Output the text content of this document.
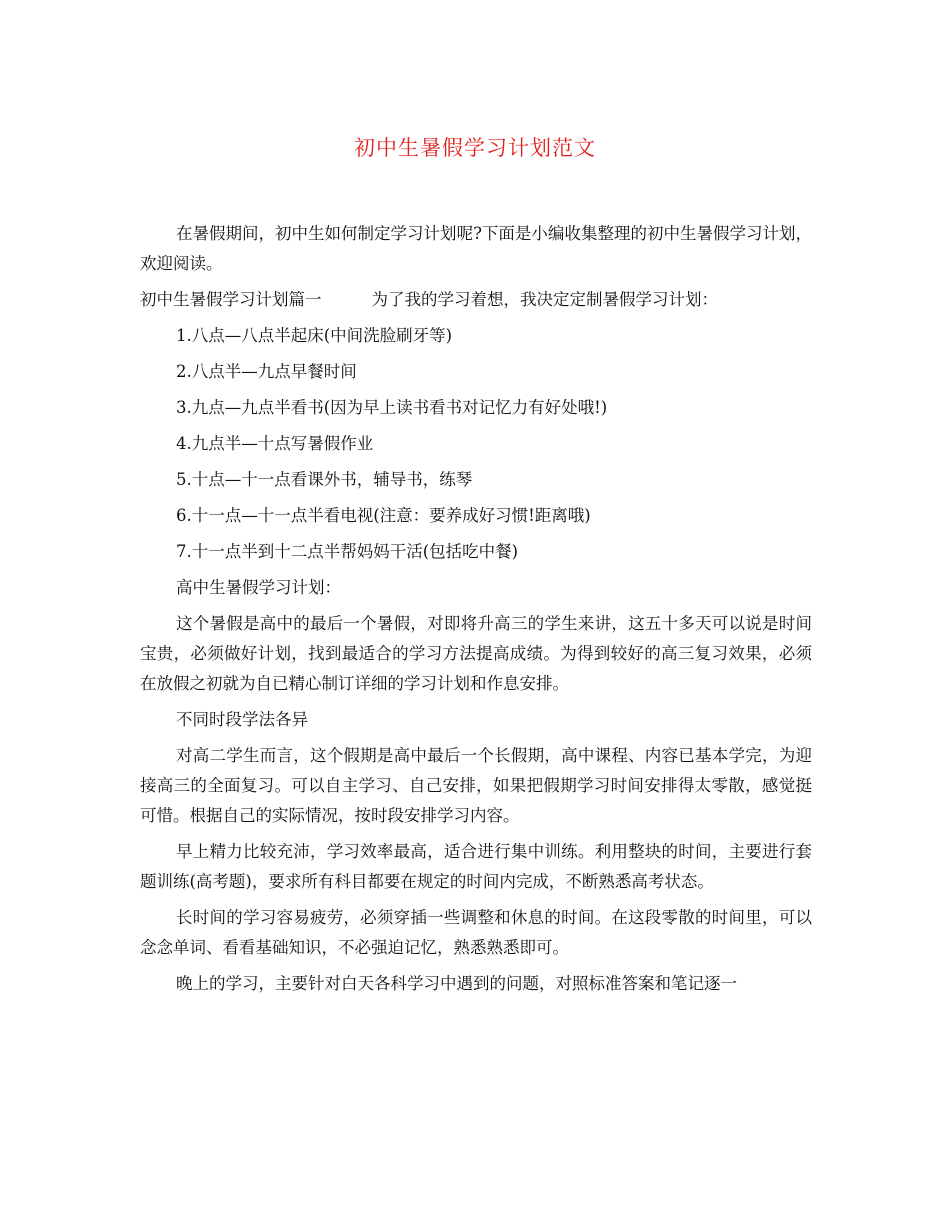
初中生暑假学习计划范文

在暑假期间，初中生如何制定学习计划呢?下面是小编收集整理的初中生暑假学习计划，欢迎阅读。

初中生暑假学习计划篇一	为了我的学习着想，我决定定制暑假学习计划：

1.八点—八点半起床(中间洗脸刷牙等)

2.八点半—九点早餐时间

3.九点—九点半看书(因为早上读书看书对记忆力有好处哦!)

4.九点半—十点写暑假作业

5.十点—十一点看课外书，辅导书，练琴

6.十一点—十一点半看电视(注意：要养成好习惯!距离哦)

7.十一点半到十二点半帮妈妈干活(包括吃中餐)

高中生暑假学习计划：

这个暑假是高中的最后一个暑假，对即将升高三的学生来讲，这五十多天可以说是时间宝贵，必须做好计划，找到最适合的学习方法提高成绩。为得到较好的高三复习效果，必须在放假之初就为自已精心制订详细的学习计划和作息安排。

不同时段学法各异

对高二学生而言，这个假期是高中最后一个长假期，高中课程、内容已基本学完，为迎接高三的全面复习。可以自主学习、自己安排，如果把假期学习时间安排得太零散，感觉挺可惜。根据自己的实际情况，按时段安排学习内容。

早上精力比较充沛，学习效率最高，适合进行集中训练。利用整块的时间，主要进行套题训练(高考题)，要求所有科目都要在规定的时间内完成，不断熟悉高考状态。

长时间的学习容易疲劳，必须穿插一些调整和休息的时间。在这段零散的时间里，可以念念单词、看看基础知识，不必强迫记忆，熟悉熟悉即可。

晚上的学习，主要针对白天各科学习中遇到的问题，对照标准答案和笔记逐一
